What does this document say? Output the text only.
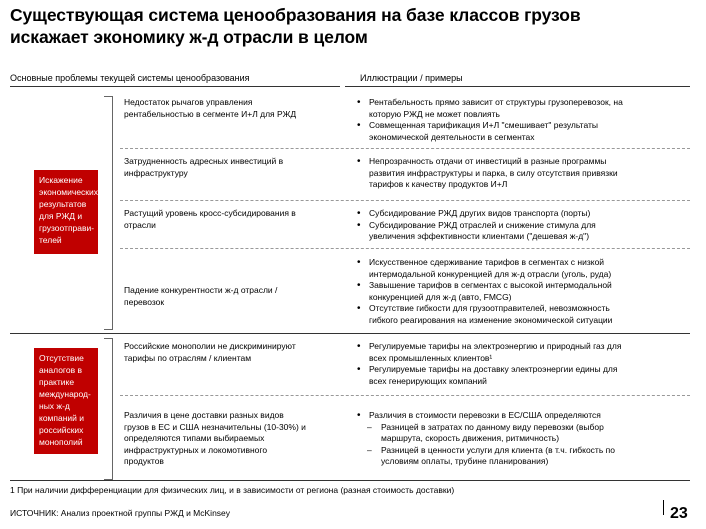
Существующая система ценообразования на базе классов грузов
искажает экономику ж-д отрасли в целом
Основные проблемы текущей системы ценообразования	Иллюстрации / примеры
Искажение
экономических
результатов
для РЖД и
грузоотправи-
телей
Отсутствие
аналогов в
практике
международ-
ных ж-д
компаний и
российских
монополий
Недостаток рычагов управления
рентабельностью в сегменте И+Л для РЖД
• Рентабельность прямо зависит от структуры грузоперевозок, на
которую РЖД не может повлиять
• Совмещенная тарификация И+Л "смешивает" результаты
экономической деятельности в сегментах
Затрудненность адресных инвестиций в
инфраструктуру
• Непрозрачность отдачи от инвестиций в разные программы
развития инфраструктуры и парка, в силу отсутствия привязки
тарифов к качеству продуктов И+Л
Растущий уровень кросс-субсидирования в
отрасли
• Субсидирование РЖД других видов транспорта (порты)
• Субсидирование РЖД отраслей и снижение стимула для
увеличения эффективности клиентами ("дешевая ж-д")
Падение конкурентности ж-д отрасли /
перевозок
• Искусственное сдерживание тарифов в сегментах с низкой
интермодальной конкуренцией для ж-д отрасли (уголь, руда)
• Завышение тарифов в сегментах с высокой интермодальной
конкуренцией для ж-д (авто, FMCG)
• Отсутствие гибкости для грузоотправителей, невозможность
гибкого реагирования на изменение экономической ситуации
Российские монополии не дискриминируют
тарифы по отраслям / клиентам
• Регулируемые тарифы на электроэнергию и природный газ для
всех промышленных клиентов¹
• Регулируемые тарифы на доставку электроэнергии едины для
всех генерирующих компаний
Различия в цене доставки разных видов
грузов в ЕС и США незначительны (10-30%) и
определяются типами выбираемых
инфраструктурных и локомотивного
продуктов
• Различия в стоимости перевозки в ЕС/США определяются
– Разницей в затратах по данному виду перевозки (выбор
маршрута, скорость движения, ритмичность)
– Разницей в ценности услуги для клиента (в т.ч. гибкость по
условиям оплаты, трубине планирования)
1 При наличии дифференциации для физических лиц, и в зависимости от региона (разная стоимость доставки)
ИСТОЧНИК: Анализ проектной группы РЖД и McKinsey	23
